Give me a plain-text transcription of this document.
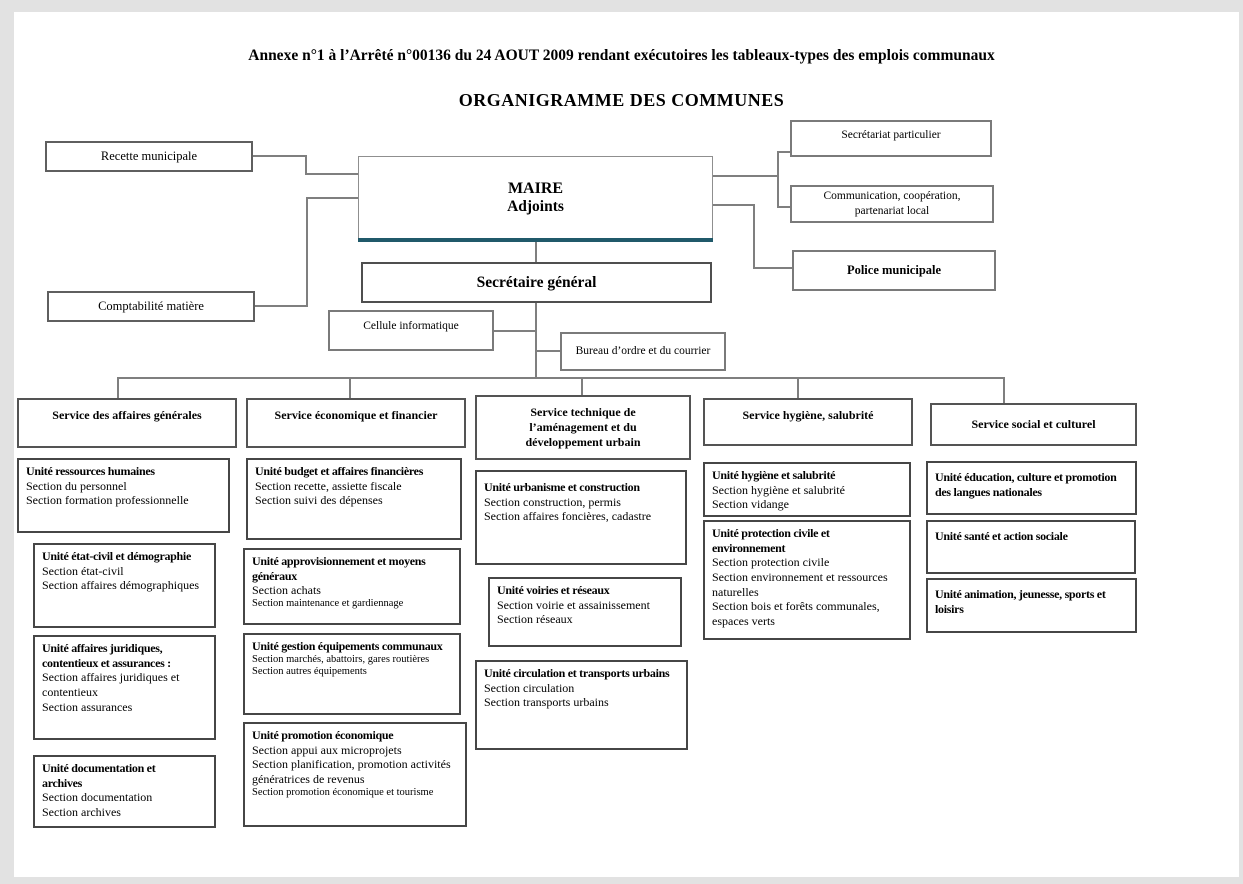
Annexe n°1 à l’Arrêté n°00136 du 24 AOUT 2009 rendant exécutoires les tableaux-types des emplois communaux
ORGANIGRAMME DES COMMUNES
Recette municipale
Comptabilité matière
MAIRE
Adjoints
Secrétariat particulier
Communication, coopération, partenariat local
Police municipale
Secrétaire général
Cellule informatique
Bureau d’ordre et du courrier
Service des affaires générales	Service économique et financier	Service technique de l’aménagement et du développement urbain
Service hygiène, salubrité
Service social et culturel
Unité ressources humaines
Section du personnel
Section formation professionnelle
Unité état-civil et démographie
Section état-civil
Section affaires démographiques
Unité affaires juridiques, contentieux et assurances :
Section affaires juridiques et contentieux
Section assurances
Unité documentation et archives
Section documentation
Section archives
Unité budget et affaires financières
Section recette, assiette fiscale
Section suivi des dépenses
Unité approvisionnement et moyens généraux
Section achats
Section maintenance et gardiennage
Unité gestion équipements communaux
Section marchés, abattoirs, gares routières
Section autres équipements
Unité promotion économique
Section appui aux microprojets
Section planification, promotion activités génératrices de revenus
Section promotion économique et tourisme
Unité urbanisme et construction
Section construction, permis
Section affaires foncières, cadastre
Unité voiries et réseaux
Section voirie et assainissement
Section réseaux
Unité circulation et transports urbains
Section circulation
Section transports urbains
Unité hygiène et salubrité
Section hygiène et salubrité
Section vidange
Unité protection civile et environnement
Section protection civile
Section environnement et ressources naturelles
Section bois et forêts communales, espaces verts
Unité éducation, culture et promotion des langues nationales
Unité santé et action sociale
Unité animation, jeunesse, sports et loisirs
